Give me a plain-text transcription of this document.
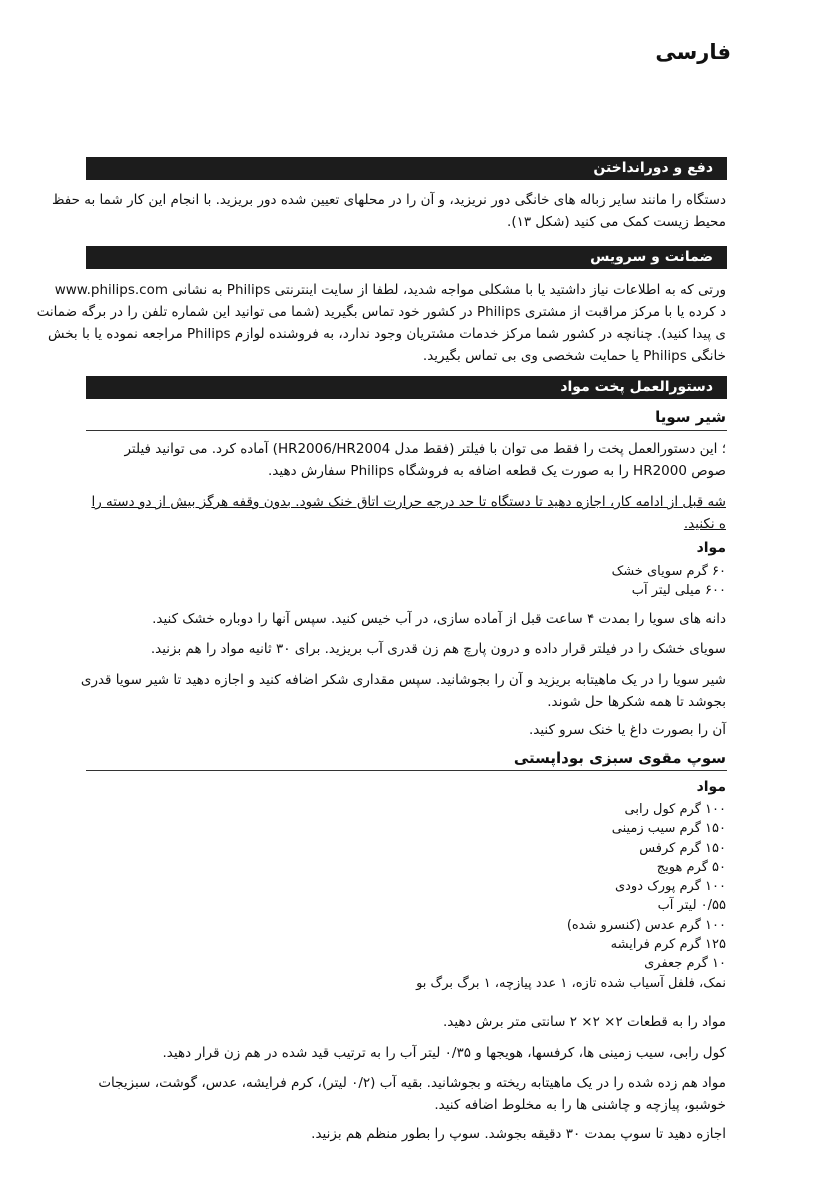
فارسی
دفع و دورانداختن
دستگاه را مانند سایر زباله های خانگی دور نریزید، و آن را در محلهای تعیین شده دور بریزید. با انجام این کار شما به حفظ
محیط زیست کمک می کنید (شکل ۱۳).
ضمانت و سرویس
ورتی که به اطلاعات نیاز داشتید یا با مشکلی مواجه شدید، لطفا از سایت اینترنتی Philips به نشانی www.philips.com
د کرده یا با مرکز مراقبت از مشتری Philips در کشور خود تماس بگیرید (شما می توانید این شماره تلفن را در برگه ضمانت
ی پیدا کنید). چنانچه در کشور شما مرکز خدمات مشتریان وجود ندارد، به فروشنده لوازم Philips مراجعه نموده یا با بخش
خانگی Philips یا حمایت شخصی وی بی تماس بگیرید.
دستورالعمل پخت مواد
شیر سویا
؛ این دستورالعمل پخت را فقط می توان با فیلتر (فقط مدل HR2006/HR2004) آماده کرد. می توانید فیلتر
صوص HR2000 را به صورت یک قطعه اضافه به فروشگاه Philips سفارش دهید.
شه قبل از ادامه کار، اجازه دهید تا دستگاه تا حد درجه حرارت اتاق خنک شود. بدون وقفه هرگز بیش از دو دسته را
ه نکنید.
مواد
۶۰ گرم سویای خشک
۶۰۰ میلی لیتر آب
دانه های سویا را بمدت ۴ ساعت قبل از آماده سازی، در آب خیس کنید. سپس آنها را دوباره خشک کنید.
سویای خشک را در فیلتر قرار داده و درون پارچ هم زن قدری آب بریزید. برای ۳۰ ثانیه مواد را هم بزنید.
شیر سویا را در یک ماهیتابه بریزید و آن را بجوشانید. سپس مقداری شکر اضافه کنید و اجازه دهید تا شیر سویا قدری
بجوشد تا همه شکرها حل شوند.
آن را بصورت داغ یا خنک سرو کنید.
سوپ مقوی سبزی بوداپستی
مواد
۱۰۰ گرم کول رابی
۱۵۰ گرم سیب زمینی
۱۵۰ گرم کرفس
۵۰ گرم هویج
۱۰۰ گرم پورک دودی
۰/۵۵ لیتر آب
۱۰۰ گرم عدس (کنسرو شده)
۱۲۵ گرم کرم فرایشه
۱۰ گرم جعفری
نمک، فلفل آسیاب شده تازه، ۱ عدد پیازچه، ۱ برگ برگ بو
مواد را به قطعات ۲× ۲× ۲ سانتی متر برش دهید.
کول رابی، سیب زمینی ها، کرفسها، هویجها و ۰/۳۵ لیتر آب را به ترتیب قید شده در هم زن قرار دهید.
مواد هم زده شده را در یک ماهیتابه ریخته و بجوشانید. بقیه آب (۰/۲ لیتر)، کرم فرایشه، عدس، گوشت، سبزیجات
خوشبو، پیازچه و چاشنی ها را به مخلوط اضافه کنید.
اجازه دهید تا سوپ بمدت ۳۰ دقیقه بجوشد. سوپ را بطور منظم هم بزنید.
